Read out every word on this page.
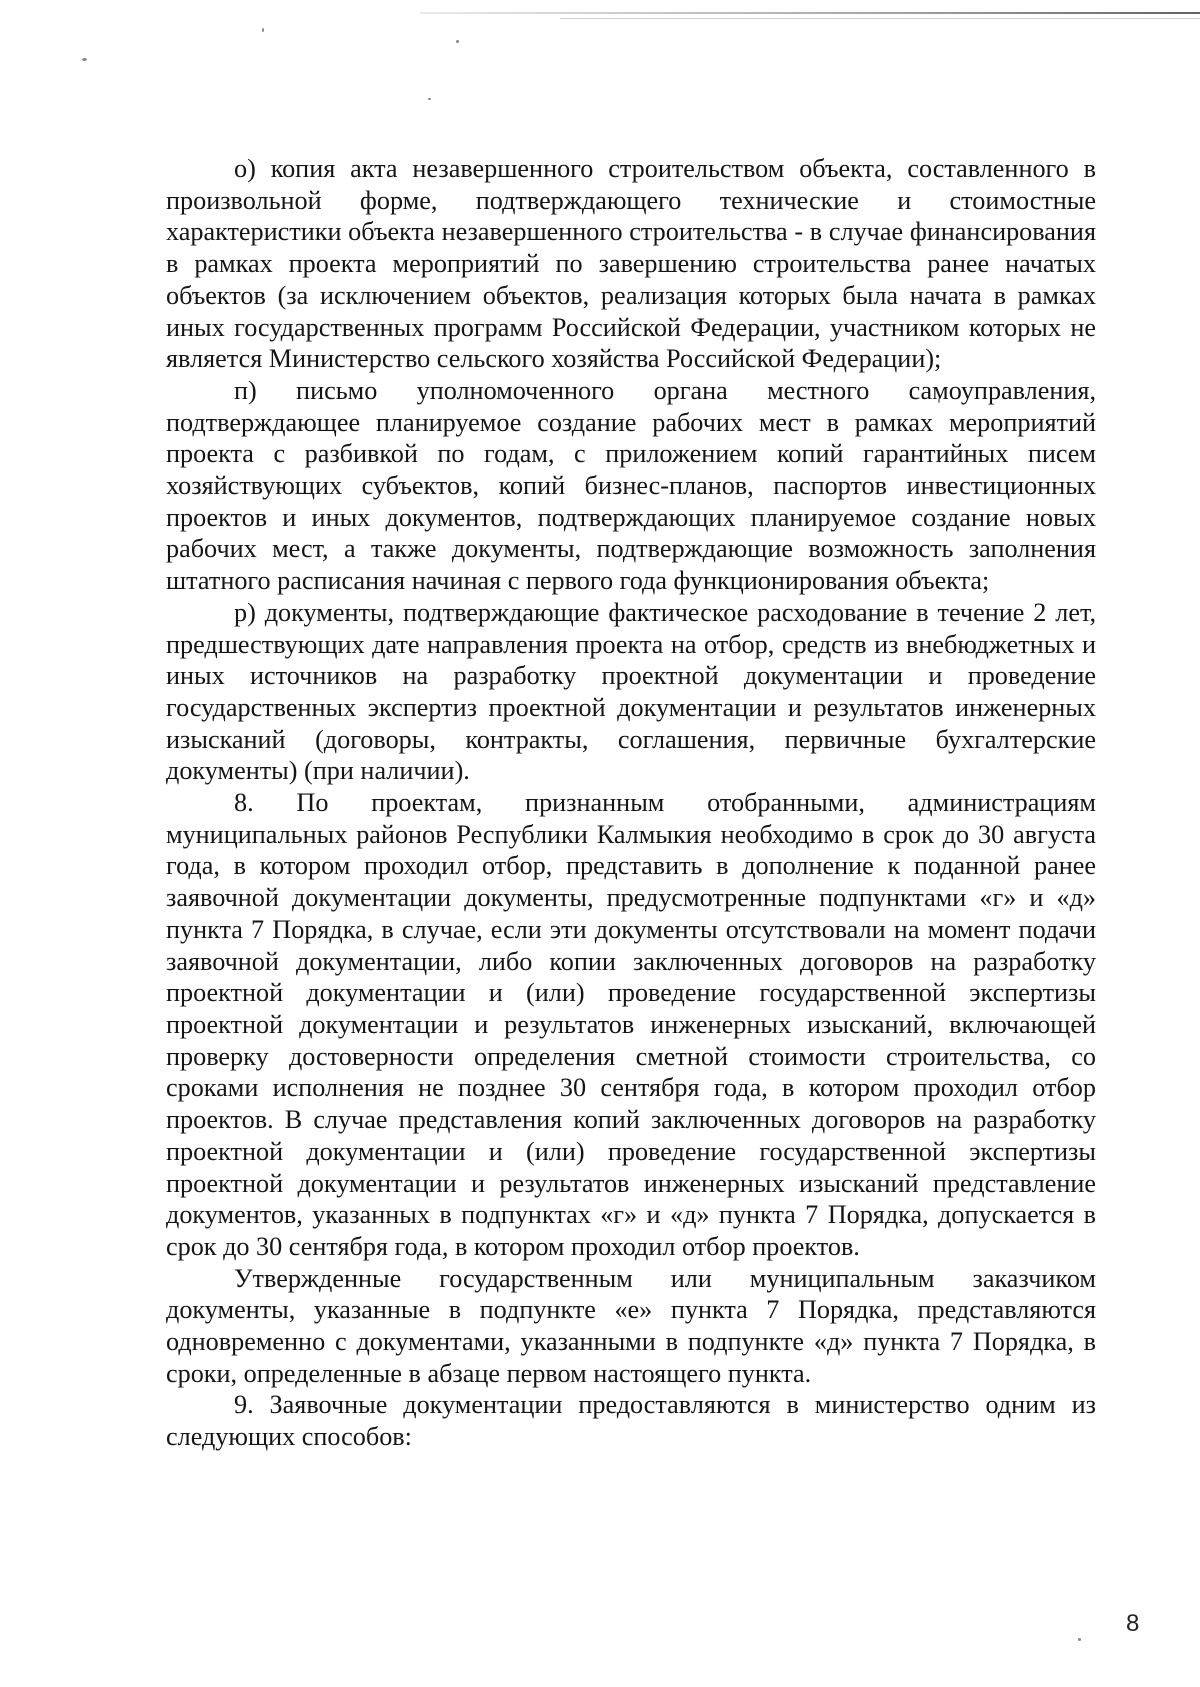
о) копия акта незавершенного строительством объекта, составленного в произвольной форме, подтверждающего технические и стоимостные характеристики объекта незавершенного строительства - в случае финансирования в рамках проекта мероприятий по завершению строительства ранее начатых объектов (за исключением объектов, реализация которых была начата в рамках иных государственных программ Российской Федерации, участником которых не является Министерство сельского хозяйства Российской Федерации);

п) письмо уполномоченного органа местного самоуправления, подтверждающее планируемое создание рабочих мест в рамках мероприятий проекта с разбивкой по годам, с приложением копий гарантийных писем хозяйствующих субъектов, копий бизнес-планов, паспортов инвестиционных проектов и иных документов, подтверждающих планируемое создание новых рабочих мест, а также документы, подтверждающие возможность заполнения штатного расписания начиная с первого года функционирования объекта;

р) документы, подтверждающие фактическое расходование в течение 2 лет, предшествующих дате направления проекта на отбор, средств из внебюджетных и иных источников на разработку проектной документации и проведение государственных экспертиз проектной документации и результатов инженерных изысканий (договоры, контракты, соглашения, первичные бухгалтерские документы) (при наличии).

8. По проектам, признанным отобранными, администрациям муниципальных районов Республики Калмыкия необходимо в срок до 30 августа года, в котором проходил отбор, представить в дополнение к поданной ранее заявочной документации документы, предусмотренные подпунктами «г» и «д» пункта 7 Порядка, в случае, если эти документы отсутствовали на момент подачи заявочной документации, либо копии заключенных договоров на разработку проектной документации и (или) проведение государственной экспертизы проектной документации и результатов инженерных изысканий, включающей проверку достоверности определения сметной стоимости строительства, со сроками исполнения не позднее 30 сентября года, в котором проходил отбор проектов. В случае представления копий заключенных договоров на разработку проектной документации и (или) проведение государственной экспертизы проектной документации и результатов инженерных изысканий представление документов, указанных в подпунктах «г» и «д» пункта 7 Порядка, допускается в срок до 30 сентября года, в котором проходил отбор проектов.

Утвержденные государственным или муниципальным заказчиком документы, указанные в подпункте «е» пункта 7 Порядка, представляются одновременно с документами, указанными в подпункте «д» пункта 7 Порядка, в сроки, определенные в абзаце первом настоящего пункта.

9. Заявочные документации предоставляются в министерство одним из следующих способов:

8
